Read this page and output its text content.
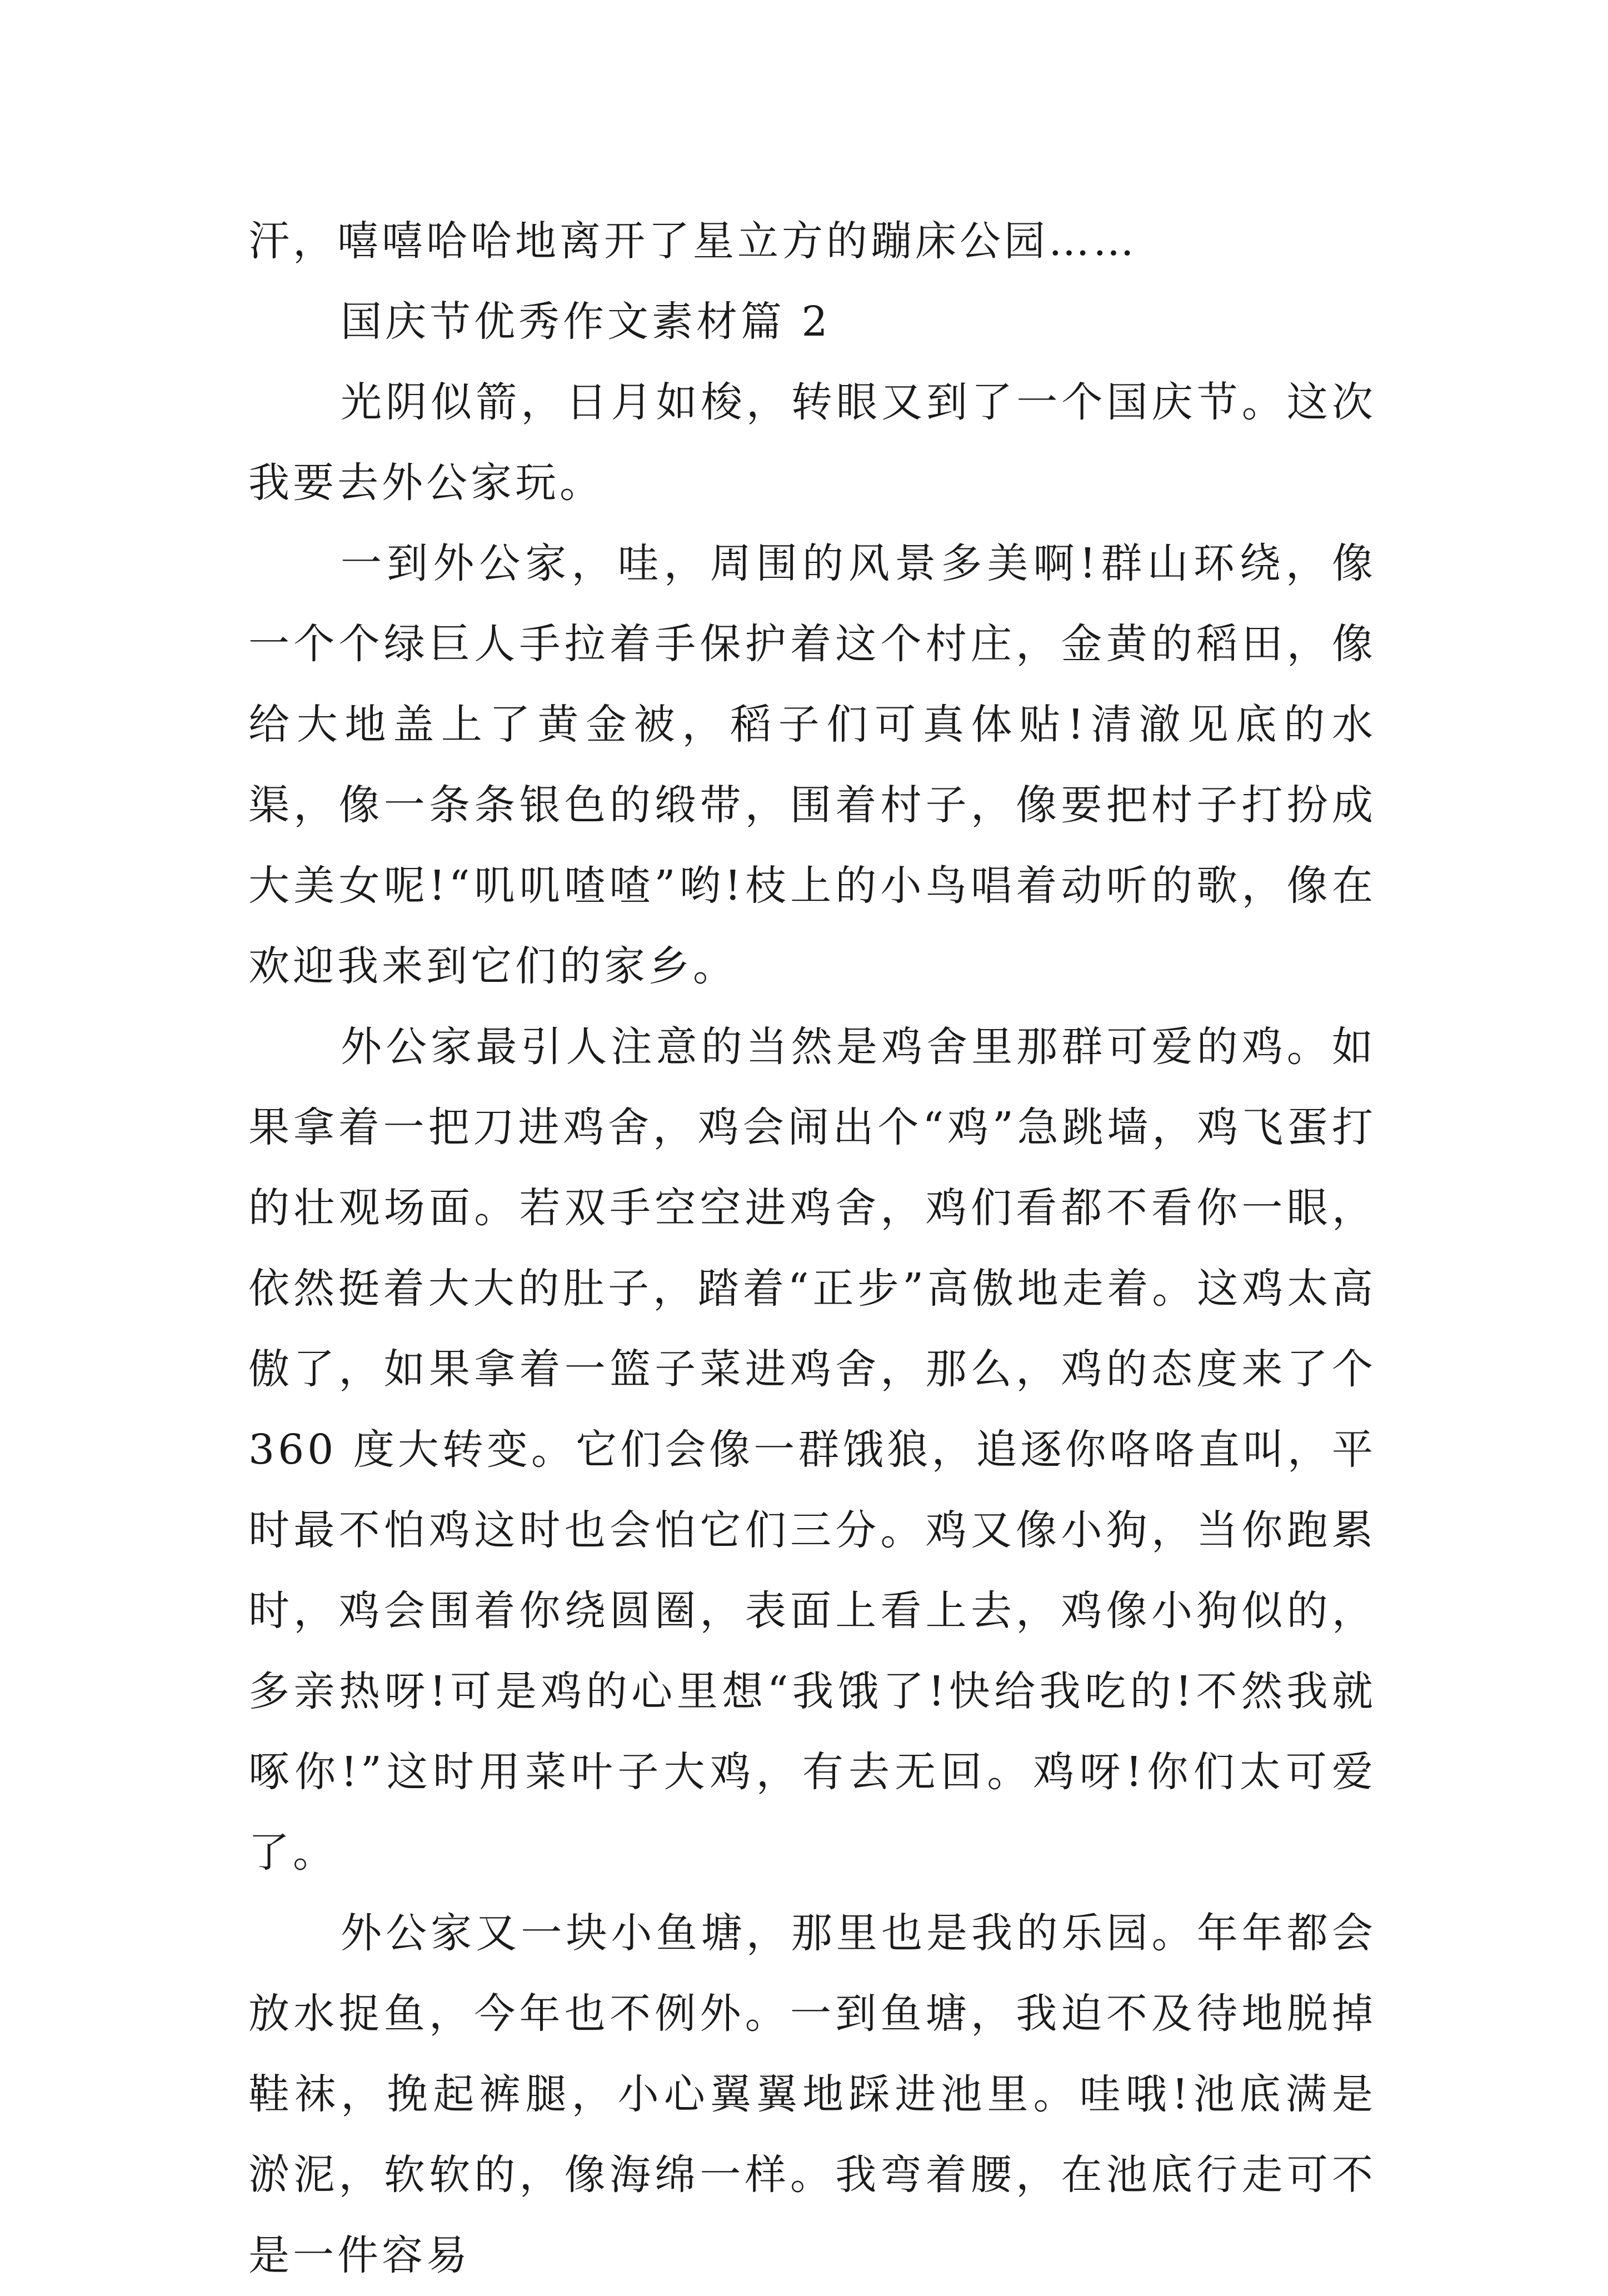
汗，嘻嘻哈哈地离开了星立方的蹦床公园……

国庆节优秀作文素材篇 2

光阴似箭，日月如梭，转眼又到了一个国庆节。这次我要去外公家玩。

一到外公家，哇，周围的风景多美啊!群山环绕，像一个个绿巨人手拉着手保护着这个村庄，金黄的稻田，像给大地盖上了黄金被，稻子们可真体贴!清澈见底的水渠，像一条条银色的缎带，围着村子，像要把村子打扮成大美女呢!“叽叽喳喳”哟!枝上的小鸟唱着动听的歌，像在欢迎我来到它们的家乡。

外公家最引人注意的当然是鸡舍里那群可爱的鸡。如果拿着一把刀进鸡舍，鸡会闹出个“鸡”急跳墙，鸡飞蛋打的壮观场面。若双手空空进鸡舍，鸡们看都不看你一眼，依然挺着大大的肚子，踏着“正步”高傲地走着。这鸡太高傲了，如果拿着一篮子菜进鸡舍，那么，鸡的态度来了个 360 度大转变。它们会像一群饿狼，追逐你咯咯直叫，平时最不怕鸡这时也会怕它们三分。鸡又像小狗，当你跑累时，鸡会围着你绕圆圈，表面上看上去，鸡像小狗似的，多亲热呀!可是鸡的心里想“我饿了!快给我吃的!不然我就啄你!”这时用菜叶子大鸡，有去无回。鸡呀!你们太可爱了。

外公家又一块小鱼塘，那里也是我的乐园。年年都会放水捉鱼，今年也不例外。一到鱼塘，我迫不及待地脱掉鞋袜，挽起裤腿，小心翼翼地踩进池里。哇哦!池底满是淤泥，软软的，像海绵一样。我弯着腰，在池底行走可不是一件容易
